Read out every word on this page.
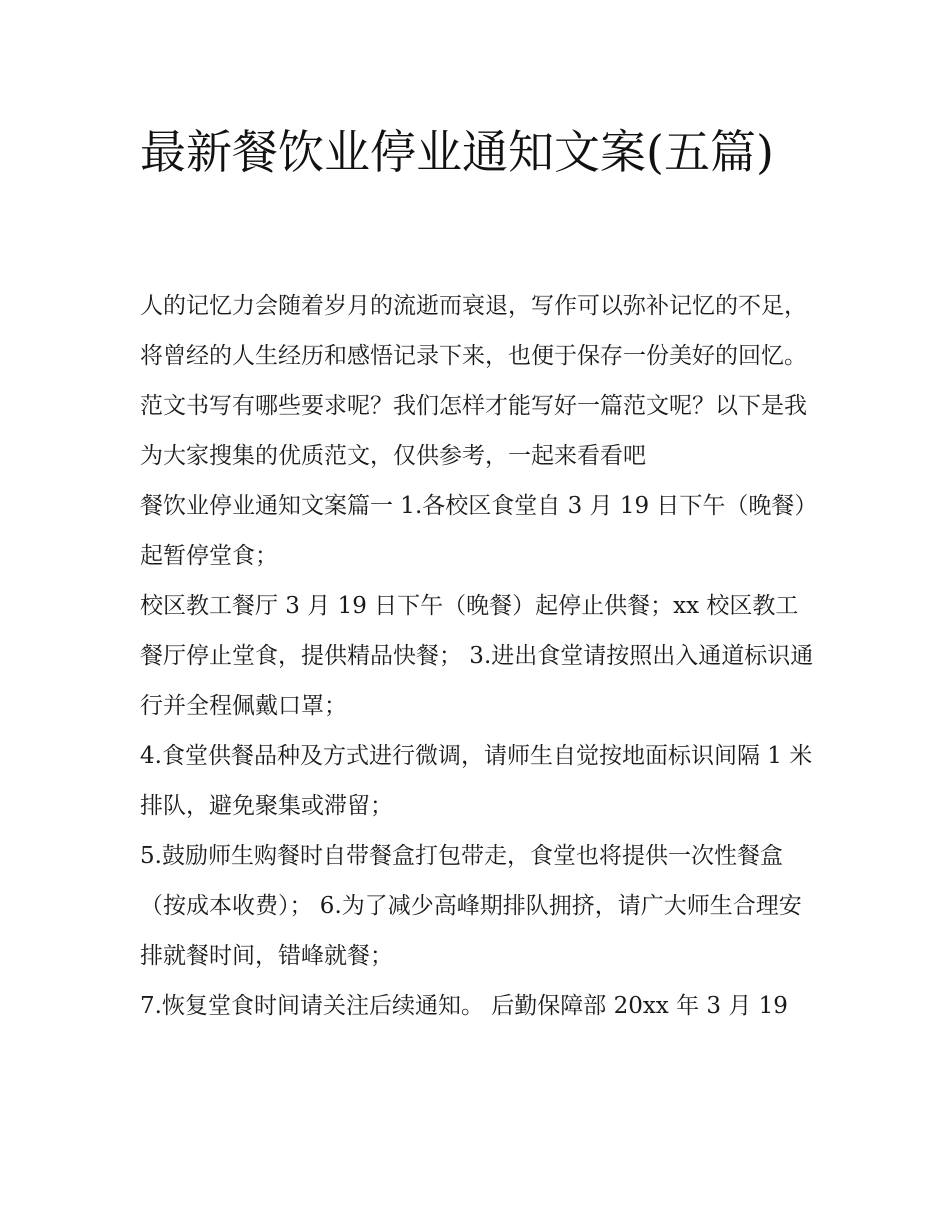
最新餐饮业停业通知文案(五篇)

人的记忆力会随着岁月的流逝而衰退，写作可以弥补记忆的不足，将曾经的人生经历和感悟记录下来，也便于保存一份美好的回忆。范文书写有哪些要求呢？我们怎样才能写好一篇范文呢？以下是我为大家搜集的优质范文，仅供参考，一起来看看吧

餐饮业停业通知文案篇一 1.各校区食堂自 3 月 19 日下午（晚餐）起暂停堂食；

校区教工餐厅 3 月 19 日下午（晚餐）起停止供餐；xx 校区教工餐厅停止堂食，提供精品快餐； 3.进出食堂请按照出入通道标识通行并全程佩戴口罩；

4.食堂供餐品种及方式进行微调，请师生自觉按地面标识间隔 1 米排队，避免聚集或滞留；

5.鼓励师生购餐时自带餐盒打包带走，食堂也将提供一次性餐盒（按成本收费）； 6.为了减少高峰期排队拥挤，请广大师生合理安排就餐时间，错峰就餐；

7.恢复堂食时间请关注后续通知。 后勤保障部 20xx 年 3 月 19
